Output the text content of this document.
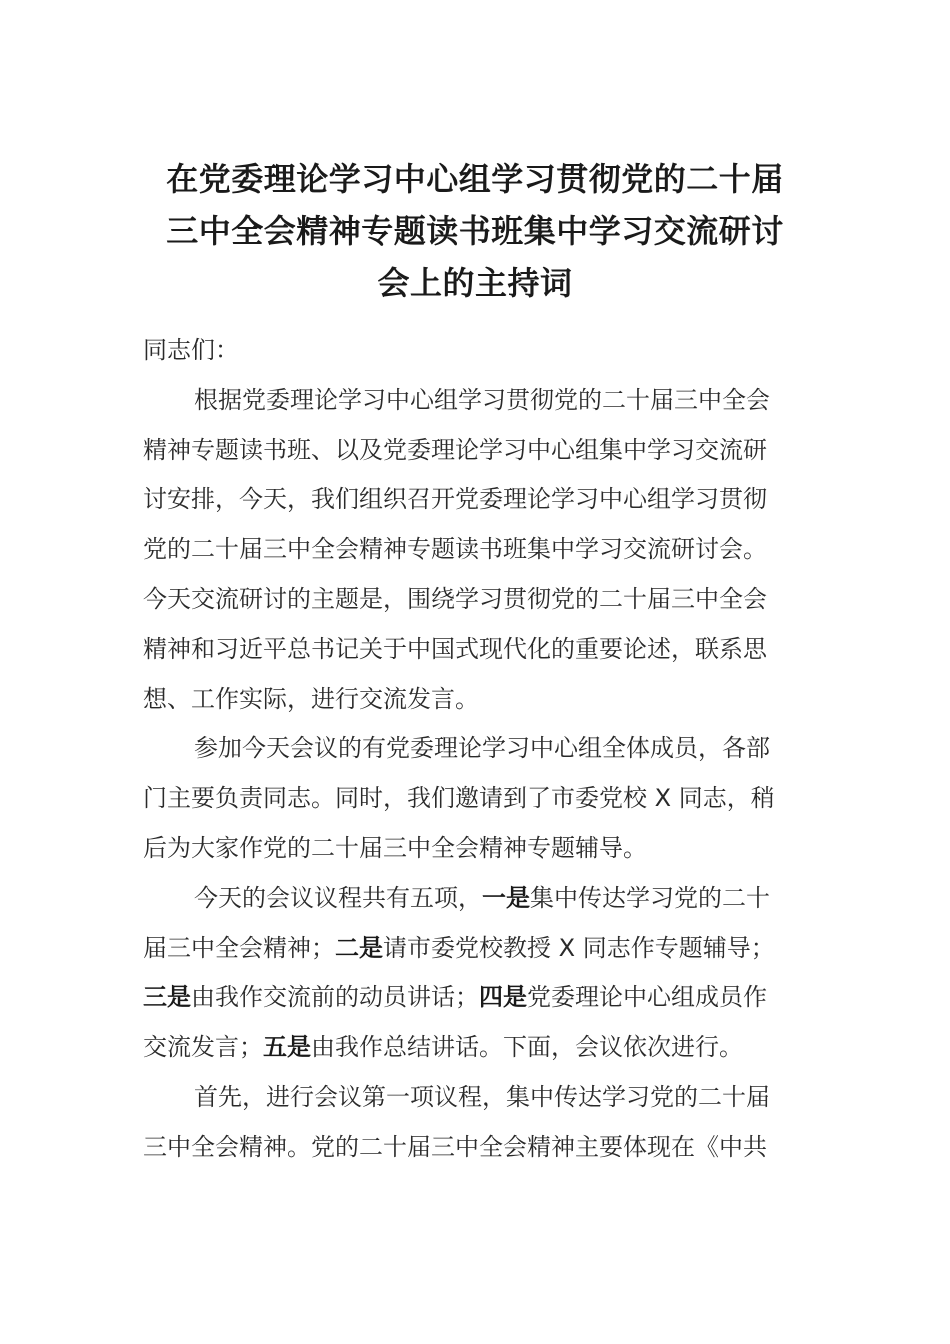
在党委理论学习中心组学习贯彻党的二十届
三中全会精神专题读书班集中学习交流研讨
会上的主持词
同志们：
根据党委理论学习中心组学习贯彻党的二十届三中全会
精神专题读书班、以及党委理论学习中心组集中学习交流研
讨安排，今天，我们组织召开党委理论学习中心组学习贯彻
党的二十届三中全会精神专题读书班集中学习交流研讨会。
今天交流研讨的主题是，围绕学习贯彻党的二十届三中全会
精神和习近平总书记关于中国式现代化的重要论述，联系思
想、工作实际，进行交流发言。
参加今天会议的有党委理论学习中心组全体成员，各部
门主要负责同志。同时，我们邀请到了市委党校 X 同志，稍
后为大家作党的二十届三中全会精神专题辅导。
今天的会议议程共有五项，一是集中传达学习党的二十
届三中全会精神；二是请市委党校教授 X 同志作专题辅导；
三是由我作交流前的动员讲话；四是党委理论中心组成员作
交流发言；五是由我作总结讲话。下面，会议依次进行。
首先，进行会议第一项议程，集中传达学习党的二十届
三中全会精神。党的二十届三中全会精神主要体现在《中共
